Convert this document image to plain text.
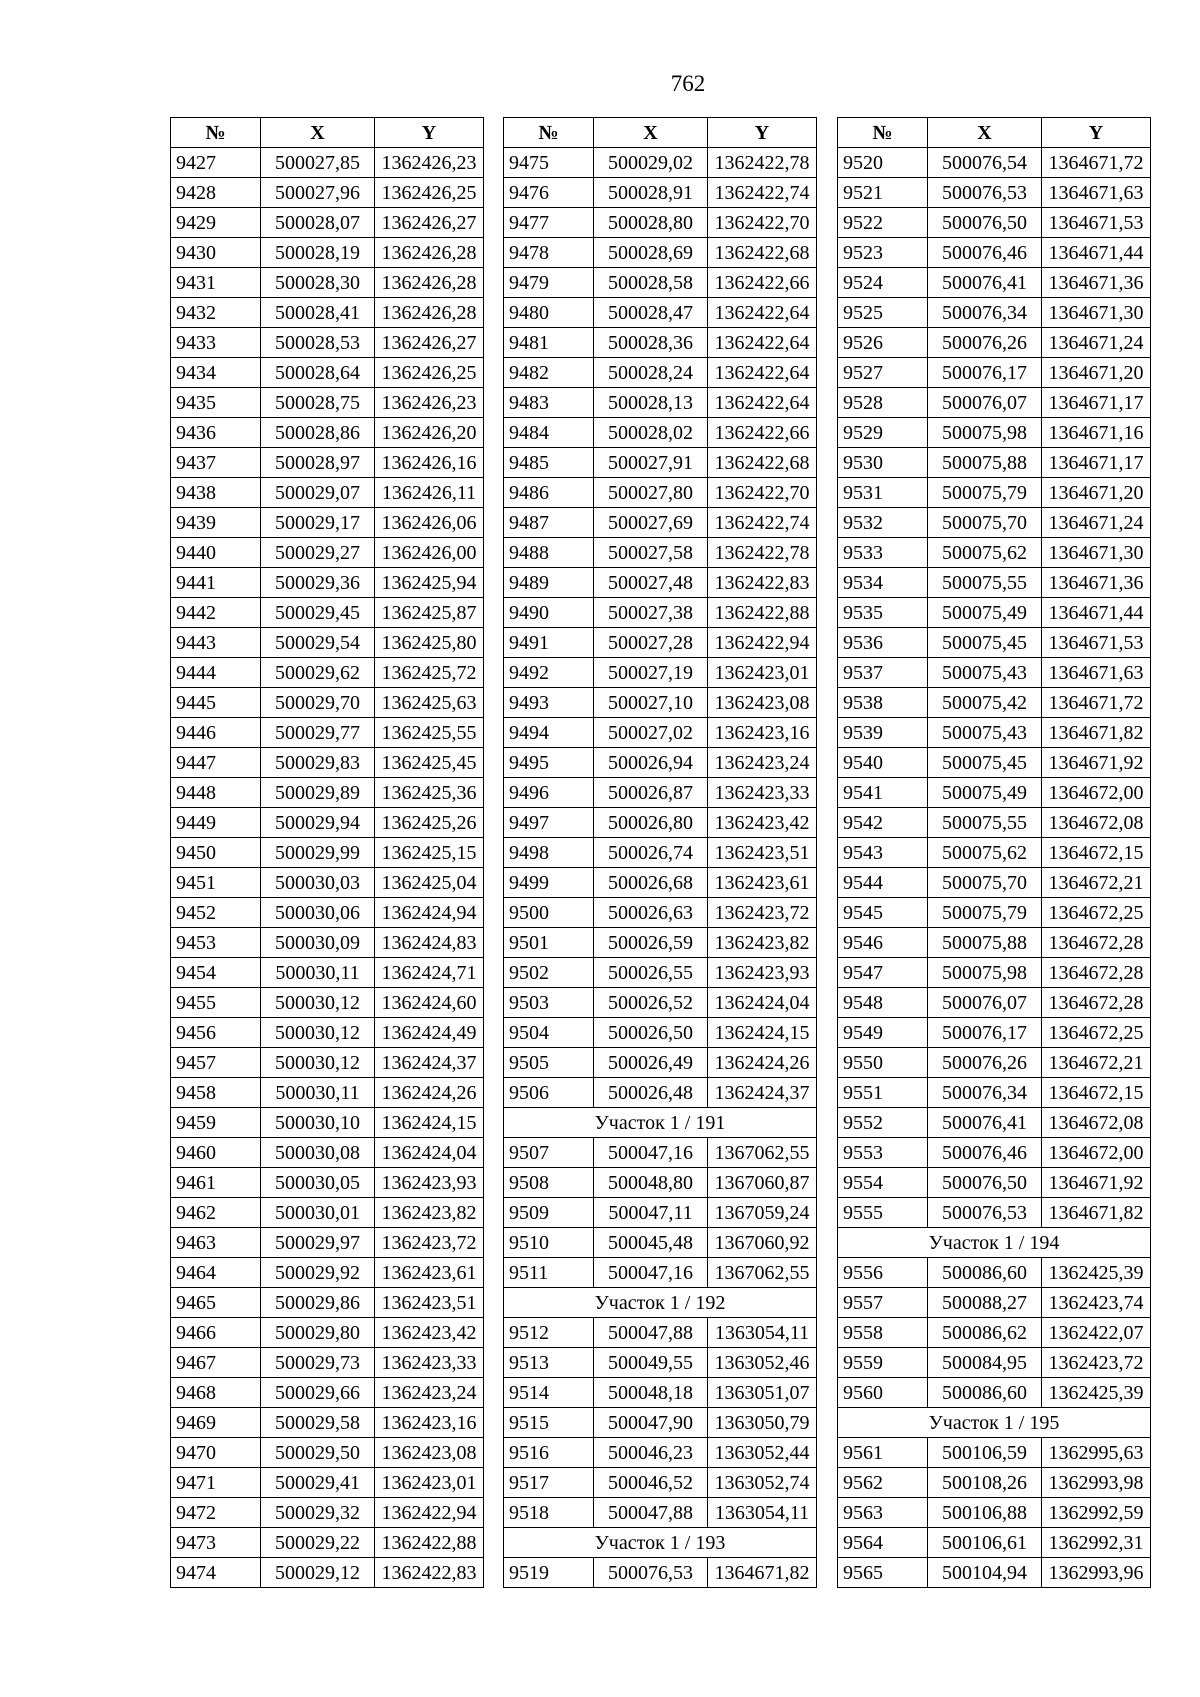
762
№	X	Y
9427	500027,85	1362426,23
9428	500027,96	1362426,25
9429	500028,07	1362426,27
9430	500028,19	1362426,28
9431	500028,30	1362426,28
9432	500028,41	1362426,28
9433	500028,53	1362426,27
9434	500028,64	1362426,25
9435	500028,75	1362426,23
9436	500028,86	1362426,20
9437	500028,97	1362426,16
9438	500029,07	1362426,11
9439	500029,17	1362426,06
9440	500029,27	1362426,00
9441	500029,36	1362425,94
9442	500029,45	1362425,87
9443	500029,54	1362425,80
9444	500029,62	1362425,72
9445	500029,70	1362425,63
9446	500029,77	1362425,55
9447	500029,83	1362425,45
9448	500029,89	1362425,36
9449	500029,94	1362425,26
9450	500029,99	1362425,15
9451	500030,03	1362425,04
9452	500030,06	1362424,94
9453	500030,09	1362424,83
9454	500030,11	1362424,71
9455	500030,12	1362424,60
9456	500030,12	1362424,49
9457	500030,12	1362424,37
9458	500030,11	1362424,26
9459	500030,10	1362424,15
9460	500030,08	1362424,04
9461	500030,05	1362423,93
9462	500030,01	1362423,82
9463	500029,97	1362423,72
9464	500029,92	1362423,61
9465	500029,86	1362423,51
9466	500029,80	1362423,42
9467	500029,73	1362423,33
9468	500029,66	1362423,24
9469	500029,58	1362423,16
9470	500029,50	1362423,08
9471	500029,41	1362423,01
9472	500029,32	1362422,94
9473	500029,22	1362422,88
9474	500029,12	1362422,83
№	X	Y
9475	500029,02	1362422,78
9476	500028,91	1362422,74
9477	500028,80	1362422,70
9478	500028,69	1362422,68
9479	500028,58	1362422,66
9480	500028,47	1362422,64
9481	500028,36	1362422,64
9482	500028,24	1362422,64
9483	500028,13	1362422,64
9484	500028,02	1362422,66
9485	500027,91	1362422,68
9486	500027,80	1362422,70
9487	500027,69	1362422,74
9488	500027,58	1362422,78
9489	500027,48	1362422,83
9490	500027,38	1362422,88
9491	500027,28	1362422,94
9492	500027,19	1362423,01
9493	500027,10	1362423,08
9494	500027,02	1362423,16
9495	500026,94	1362423,24
9496	500026,87	1362423,33
9497	500026,80	1362423,42
9498	500026,74	1362423,51
9499	500026,68	1362423,61
9500	500026,63	1362423,72
9501	500026,59	1362423,82
9502	500026,55	1362423,93
9503	500026,52	1362424,04
9504	500026,50	1362424,15
9505	500026,49	1362424,26
9506	500026,48	1362424,37
Участок 1 / 191		
9507	500047,16	1367062,55
9508	500048,80	1367060,87
9509	500047,11	1367059,24
9510	500045,48	1367060,92
9511	500047,16	1367062,55
Участок 1 / 192		
9512	500047,88	1363054,11
9513	500049,55	1363052,46
9514	500048,18	1363051,07
9515	500047,90	1363050,79
9516	500046,23	1363052,44
9517	500046,52	1363052,74
9518	500047,88	1363054,11
Участок 1 / 193		
9519	500076,53	1364671,82
№	X	Y
9520	500076,54	1364671,72
9521	500076,53	1364671,63
9522	500076,50	1364671,53
9523	500076,46	1364671,44
9524	500076,41	1364671,36
9525	500076,34	1364671,30
9526	500076,26	1364671,24
9527	500076,17	1364671,20
9528	500076,07	1364671,17
9529	500075,98	1364671,16
9530	500075,88	1364671,17
9531	500075,79	1364671,20
9532	500075,70	1364671,24
9533	500075,62	1364671,30
9534	500075,55	1364671,36
9535	500075,49	1364671,44
9536	500075,45	1364671,53
9537	500075,43	1364671,63
9538	500075,42	1364671,72
9539	500075,43	1364671,82
9540	500075,45	1364671,92
9541	500075,49	1364672,00
9542	500075,55	1364672,08
9543	500075,62	1364672,15
9544	500075,70	1364672,21
9545	500075,79	1364672,25
9546	500075,88	1364672,28
9547	500075,98	1364672,28
9548	500076,07	1364672,28
9549	500076,17	1364672,25
9550	500076,26	1364672,21
9551	500076,34	1364672,15
9552	500076,41	1364672,08
9553	500076,46	1364672,00
9554	500076,50	1364671,92
9555	500076,53	1364671,82
Участок 1 / 194		
9556	500086,60	1362425,39
9557	500088,27	1362423,74
9558	500086,62	1362422,07
9559	500084,95	1362423,72
9560	500086,60	1362425,39
Участок 1 / 195		
9561	500106,59	1362995,63
9562	500108,26	1362993,98
9563	500106,88	1362992,59
9564	500106,61	1362992,31
9565	500104,94	1362993,96
